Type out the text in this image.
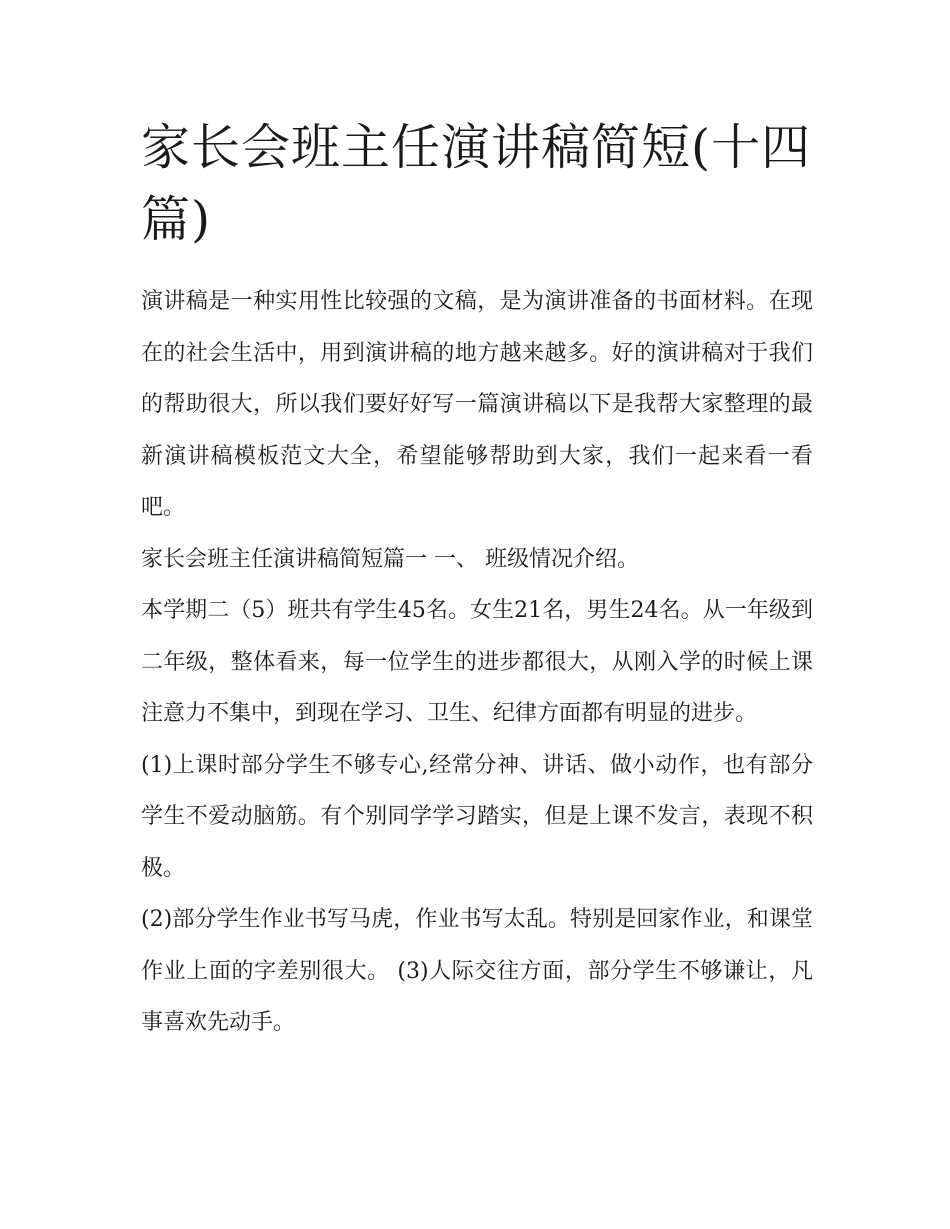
家长会班主任演讲稿简短(十四篇)

演讲稿是一种实用性比较强的文稿，是为演讲准备的书面材料。在现在的社会生活中，用到演讲稿的地方越来越多。好的演讲稿对于我们的帮助很大，所以我们要好好写一篇演讲稿以下是我帮大家整理的最新演讲稿模板范文大全，希望能够帮助到大家，我们一起来看一看吧。

家长会班主任演讲稿简短篇一 一、 班级情况介绍。

本学期二（5）班共有学生45名。女生21名，男生24名。从一年级到二年级，整体看来，每一位学生的进步都很大，从刚入学的时候上课注意力不集中，到现在学习、卫生、纪律方面都有明显的进步。

(1)上课时部分学生不够专心,经常分神、讲话、做小动作，也有部分学生不爱动脑筋。有个别同学学习踏实，但是上课不发言，表现不积极。

(2)部分学生作业书写马虎，作业书写太乱。特别是回家作业，和课堂作业上面的字差别很大。 (3)人际交往方面，部分学生不够谦让，凡事喜欢先动手。
